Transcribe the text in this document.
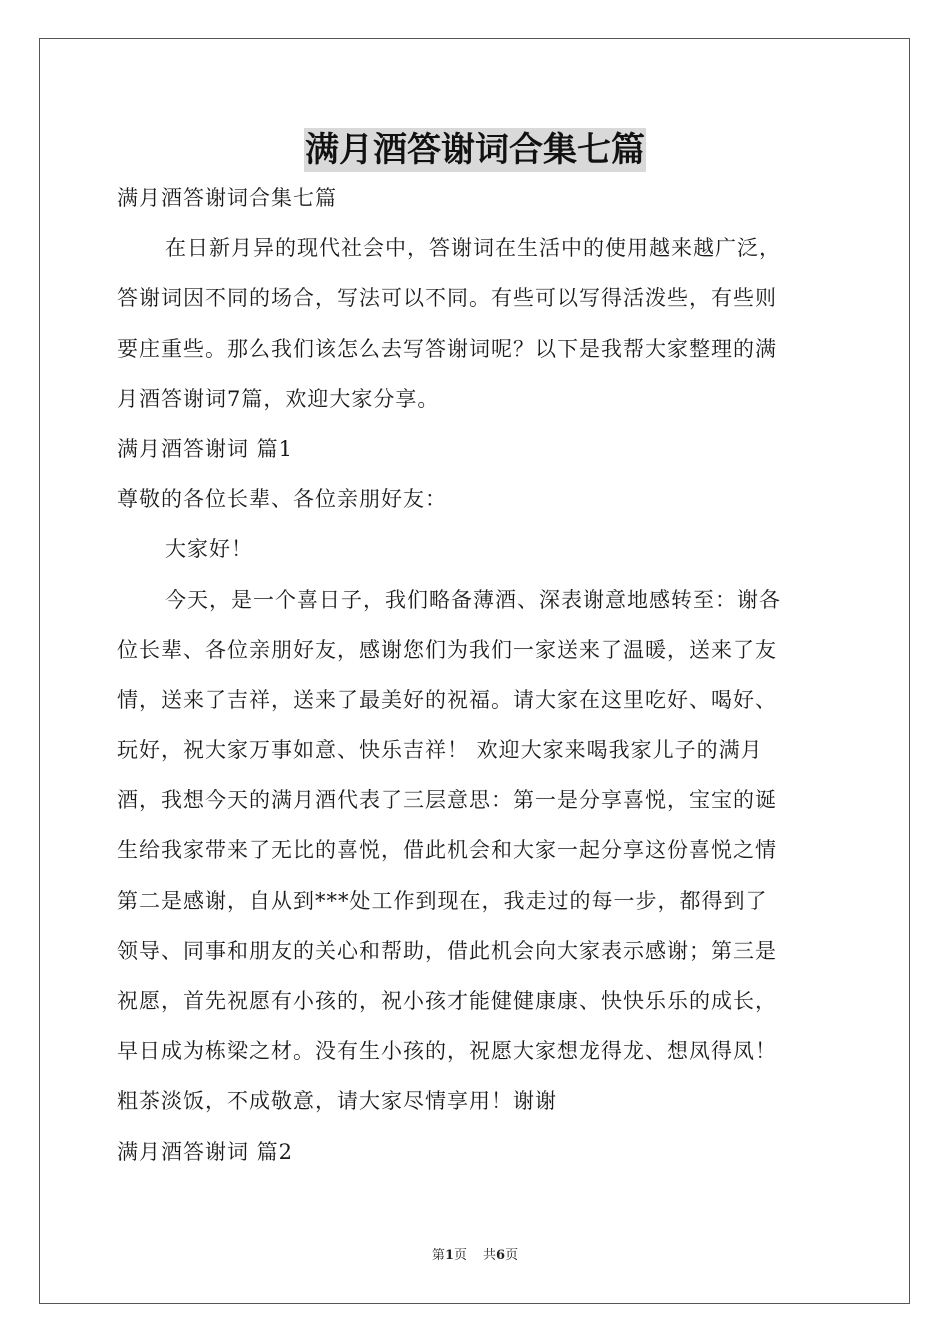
满月酒答谢词合集七篇
满月酒答谢词合集七篇
在日新月异的现代社会中，答谢词在生活中的使用越来越广泛，
答谢词因不同的场合，写法可以不同。有些可以写得活泼些，有些则
要庄重些。那么我们该怎么去写答谢词呢？以下是我帮大家整理的满
月酒答谢词7篇，欢迎大家分享。
满月酒答谢词 篇1
尊敬的各位长辈、各位亲朋好友：
大家好！
今天，是一个喜日子，我们略备薄酒、深表谢意地感转至：谢各
位长辈、各位亲朋好友，感谢您们为我们一家送来了温暖，送来了友
情，送来了吉祥，送来了最美好的祝福。请大家在这里吃好、喝好、
玩好，祝大家万事如意、快乐吉祥！ 欢迎大家来喝我家儿子的满月
酒，我想今天的满月酒代表了三层意思：第一是分享喜悦，宝宝的诞
生给我家带来了无比的喜悦，借此机会和大家一起分享这份喜悦之情
第二是感谢，自从到***处工作到现在，我走过的每一步，都得到了
领导、同事和朋友的关心和帮助，借此机会向大家表示感谢；第三是
祝愿，首先祝愿有小孩的，祝小孩才能健健康康、快快乐乐的成长，
早日成为栋梁之材。没有生小孩的，祝愿大家想龙得龙、想凤得凤！
粗茶淡饭，不成敬意，请大家尽情享用！谢谢
满月酒答谢词 篇2
第1页 共6页
